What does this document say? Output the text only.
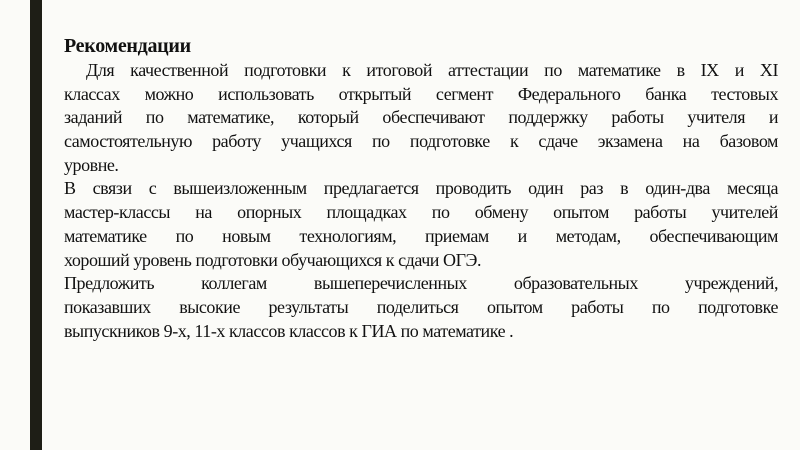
Рекомендации
Для качественной подготовки к итоговой аттестации по математике в IX и XI
классах можно использовать открытый сегмент Федерального банка тестовых
заданий по математике, который обеспечивают поддержку работы учителя и
самостоятельную работу учащихся по подготовке к сдаче экзамена на базовом
уровне.
В связи с вышеизложенным предлагается проводить один раз в один-два месяца
мастер-классы на опорных площадках по обмену опытом работы учителей
математике по новым технологиям, приемам и методам, обеспечивающим
хороший уровень подготовки обучающихся к сдачи ОГЭ.
Предложить коллегам вышеперечисленных образовательных учреждений,
показавших высокие результаты поделиться опытом работы по подготовке
выпускников 9-х, 11-х классов классов к ГИА по математике .
